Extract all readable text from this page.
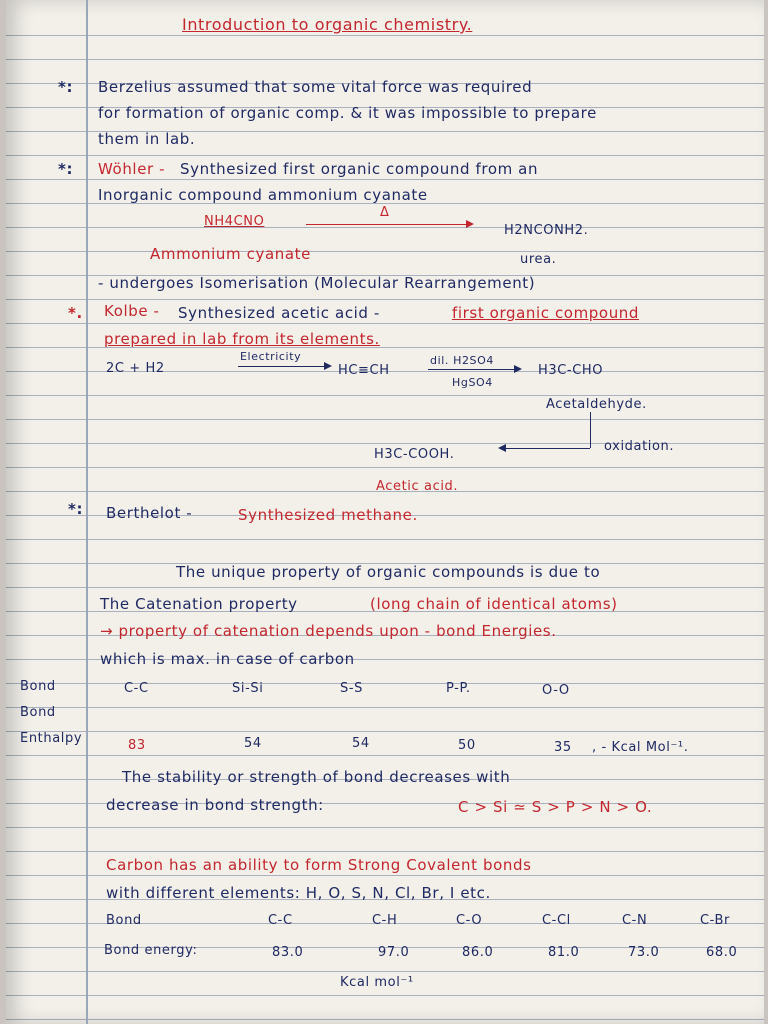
Introduction to organic chemistry.
*: Berzelius assumed that some vital force was required
for formation of organic comp. & it was impossible to prepare
them in lab.
*: Wöhler - Synthesized first organic compound from an
Inorganic compound ammonium cyanate
NH4CNO
Δ
H2NCONH2.
Ammonium cyanate	urea.
- undergoes Isomerisation (Molecular Rearrangement)
*. Kolbe - Synthesized acetic acid -	first organic compound
prepared in lab from its elements.
2C + H2
Electricity
HC≡CH
dil. H2SO4
HgSO4
H3C-CHO
Acetaldehyde.
oxidation.
H3C-COOH.
Acetic acid.
*: Berthelot -	Synthesized methane.
The unique property of organic compounds is due to
The Catenation property	(long chain of identical atoms)
→ property of catenation depends upon - bond Energies.
which is max. in case of carbon
Bond
Bond
Enthalpy
C-C	Si-Si	S-S	P-P.	O-O
83	54	54	50	35 , - Kcal Mol⁻¹.
The stability or strength of bond decreases with
decrease in bond strength:	C > Si ≃ S > P > N > O.
Carbon has an ability to form Strong Covalent bonds
with different elements: H, O, S, N, Cl, Br, I etc.
Bond	C-C	C-H	C-O	C-Cl	C-N	C-Br
Bond energy:	83.0	97.0	86.0	81.0	73.0	68.0
Kcal mol⁻¹
